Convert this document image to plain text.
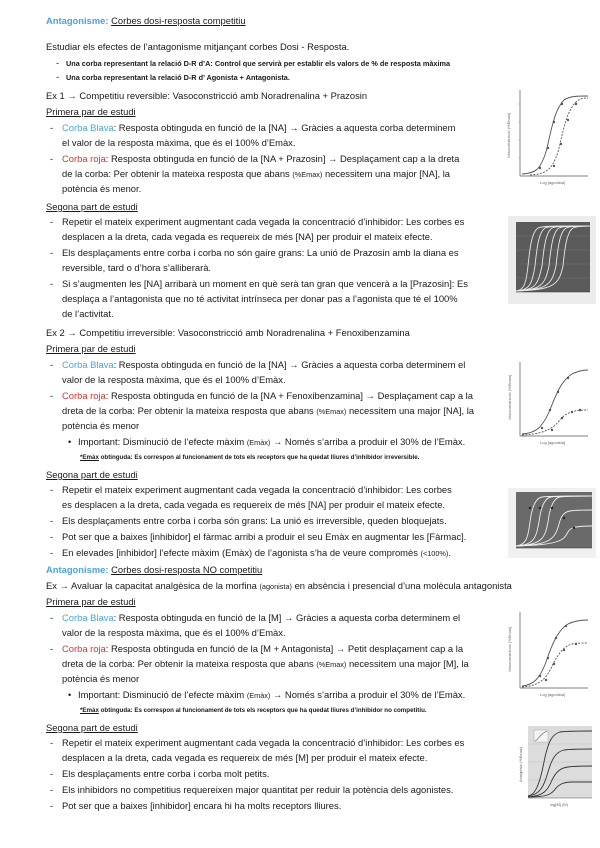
Antagonisme: Corbes dosi-resposta competitiu
Estudiar els efectes de l’antagonisme mitjançant corbes Dosi - Resposta.
- Una corba representant la relació D-R d’A: Control que servirà per establir els valors de % de resposta màxima
- Una corba representant la relació D-R d’ Agonista + Antagonista.
Ex 1 → Competitiu reversible: Vasoconstricció amb Noradrenalina + Prazosin
Primera par de estudi
- Corba Blava: Resposta obtinguda en funció de la [NA] → Gràcies a aquesta corba determinem
el valor de la resposta màxima, que és el 100% d’Emàx.
- Corba roja: Resposta obtinguda en funció de la [NA + Prazosin] → Desplaçament cap a la dreta
de la corba: Per obtenir la mateixa resposta que abans (%Emax) necessitem una major [NA], la
potència és menor.
Segona part de estudi
- Repetir el mateix experiment augmentant cada vegada la concentració d’inhibidor: Les corbes es
desplacen a la dreta, cada vegada es requereix de més [NA] per produir el mateix efecte.
- Els desplaçaments entre corba i corba no són gaire grans: La unió de Prazosin amb la diana es
reversible, tard o d’hora s’alliberarà.
- Si s’augmenten les [NA] arribarà un moment en què serà tan gran que vencerà a la [Prazosin]: Es
desplaça a l’antagonista que no té activitat intrínseca per donar pas a l’agonista que té el 100%
de l’activitat.
Vasoconstricció (%Emax)
Log [agonista]
Ex 2 → Competitiu irreversible: Vasoconstricció amb Noradrenalina + Fenoxibenzamina
Primera par de estudi
- Corba Blava: Resposta obtinguda en funció de la [NA] → Gràcies a aquesta corba determinem el
valor de la resposta màxima, que és el 100% d’Emàx.
- Corba roja: Resposta obtinguda en funció de la [NA + Fenoxibenzamina] → Desplaçament cap a la
dreta de la corba: Per obtenir la mateixa resposta que abans (%Emax) necessitem una major [NA], la
potència és menor
• Important: Disminució de l’efecte màxim (Emàx) → Només s’arriba a produir el 30% de l’Emàx.
*Emàx obtinguda: Es correspon al funcionament de tots els receptors que ha quedat lliures d’inhibidor irreversible.
Segona part de estudi
- Repetir el mateix experiment augmentant cada vegada la concentració d’inhibidor: Les corbes
es desplacen a la dreta, cada vegada es requereix de més [NA] per produir el mateix efecte.
- Els desplaçaments entre corba i corba són grans: La unió es irreversible, queden bloquejats.
- Pot ser que a baixes [inhibidor] el fàrmac arribi a produir el seu Emàx en augmentar les [Fàrmac].
- En elevades [inhibidor] l’efecte màxim (Emàx) de l’agonista s’ha de veure compromès (<100%).
Vasoconstricció (%Emax)
Log [agonista]
Antagonisme: Corbes dosi-resposta NO competitiu
Ex → Avaluar la capacitat analgèsica de la morfina (agonista) en absència i presencial d’una molècula antagonista
Primera par de estudi
- Corba Blava: Resposta obtinguda en funció de la [M] → Gràcies a aquesta corba determinem el
valor de la resposta màxima, que és el 100% d’Emàx.
- Corba roja: Resposta obtinguda en funció de la [M + Antagonista] → Petit desplaçament cap a la
dreta de la corba: Per obtenir la mateixa resposta que abans (%Emax) necessitem una major [M], la
potència és menor
• Important: Disminució de l’efecte màxim (Emàx) → Només s’arriba a produir el 30% de l’Emàx.
*Emàx obtinguda: Es correspon al funcionament de tots els receptors que ha quedat lliures d’inhibidor no competitiu.
Segona part de estudi
- Repetir el mateix experiment augmentant cada vegada la concentració d’inhibidor: Les corbes es
desplacen a la dreta, cada vegada es requereix de més [M] per produir el mateix efecte.
- Els desplaçaments entre corba i corba molt petits.
- Els inhibidors no competitius requereixen major quantitat per reduir la potència dels agonistes.
- Pot ser que a baixes [inhibidor] encara hi ha molts receptors lliures.
Vasoconstricció (%Emax)
Log [agonista]
Analgèsia (%Emax)
log[M] (M)
